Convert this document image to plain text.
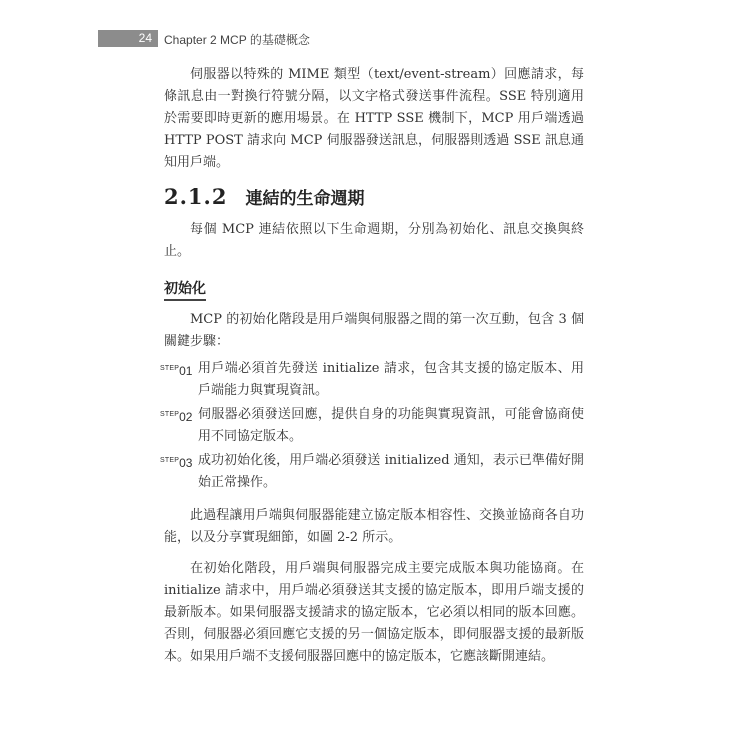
24 Chapter 2 MCP 的基礎概念

伺服器以特殊的 MIME 類型（text/event-stream）回應請求，每條訊息由一對換行符號分隔，以文字格式發送事件流程。SSE 特別適用於需要即時更新的應用場景。在 HTTP SSE 機制下，MCP 用戶端透過 HTTP POST 請求向 MCP 伺服器發送訊息，伺服器則透過 SSE 訊息通知用戶端。

2.1.2 連結的生命週期

每個 MCP 連結依照以下生命週期，分別為初始化、訊息交換與終止。

初始化

MCP 的初始化階段是用戶端與伺服器之間的第一次互動，包含 3 個關鍵步驟：

$^{STEP}$01 用戶端必須首先發送 initialize 請求，包含其支援的協定版本、用戶端能力與實現資訊。
$^{STEP}$02 伺服器必須發送回應，提供自身的功能與實現資訊，可能會協商使用不同協定版本。
$^{STEP}$03 成功初始化後，用戶端必須發送 initialized 通知，表示已準備好開始正常操作。

此過程讓用戶端與伺服器能建立協定版本相容性、交換並協商各自功能，以及分享實現細節，如圖 2-2 所示。

在初始化階段，用戶端與伺服器完成主要完成版本與功能協商。在 initialize 請求中，用戶端必須發送其支援的協定版本，即用戶端支援的最新版本。如果伺服器支援請求的協定版本，它必須以相同的版本回應。否則，伺服器必須回應它支援的另一個協定版本，即伺服器支援的最新版本。如果用戶端不支援伺服器回應中的協定版本，它應該斷開連結。
